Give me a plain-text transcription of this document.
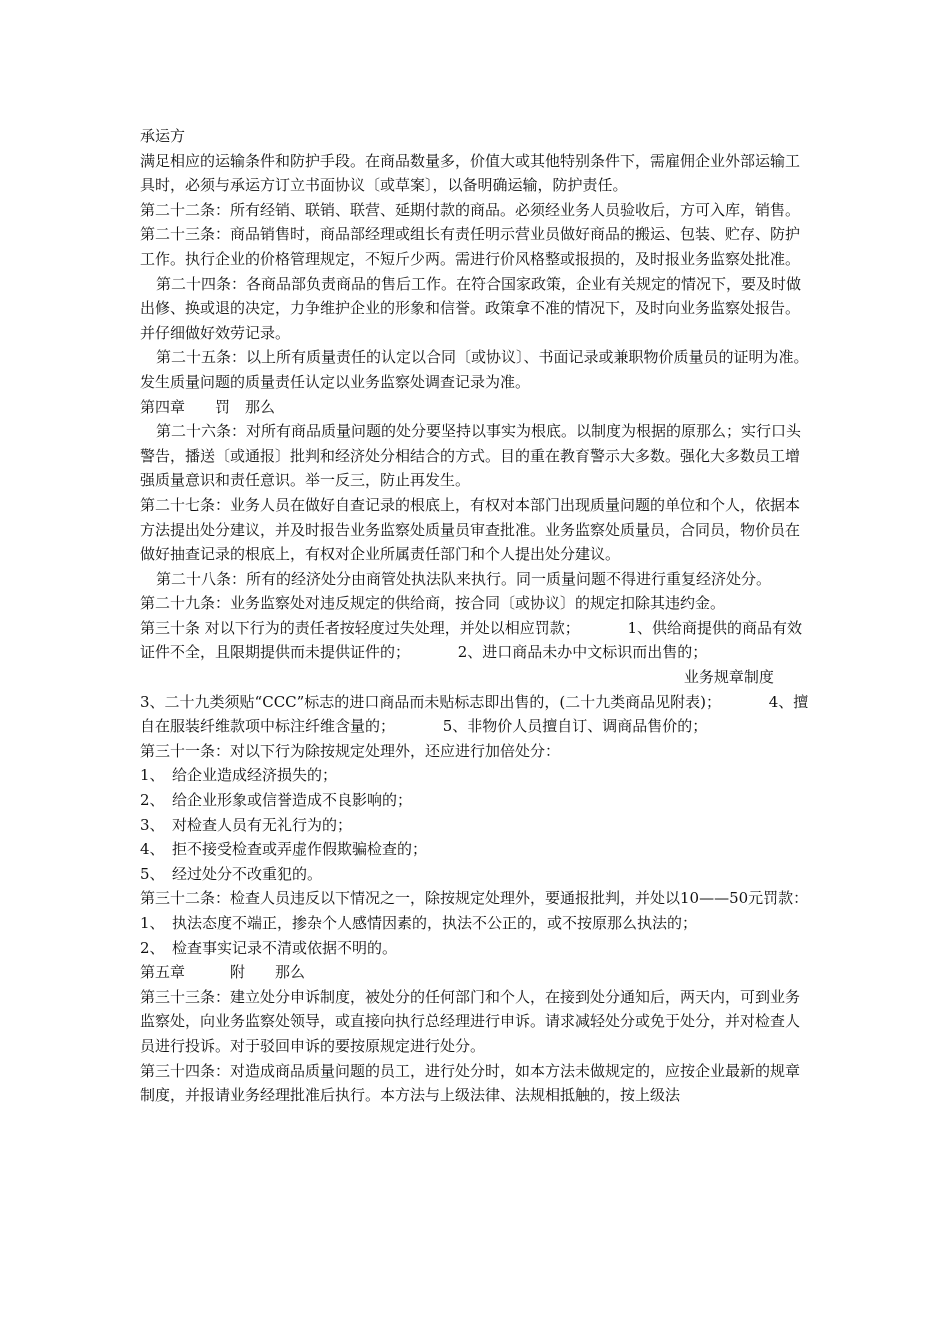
承运方

满足相应的运输条件和防护手段。在商品数量多，价值大或其他特别条件下，需雇佣企业外部运输工具时，必须与承运方订立书面协议〔或草案〕，以备明确运输，防护责任。

第二十二条：所有经销、联销、联营、延期付款的商品。必须经业务人员验收后，方可入库，销售。

第二十三条：商品销售时，商品部经理或组长有责任明示营业员做好商品的搬运、包装、贮存、防护工作。执行企业的价格管理规定，不短斤少两。需进行价风格整或报损的，及时报业务监察处批准。

第二十四条：各商品部负责商品的售后工作。在符合国家政策，企业有关规定的情况下，要及时做出修、换或退的决定，力争维护企业的形象和信誉。政策拿不准的情况下，及时向业务监察处报告。并仔细做好效劳记录。

第二十五条：以上所有质量责任的认定以合同〔或协议〕、书面记录或兼职物价质量员的证明为准。发生质量问题的质量责任认定以业务监察处调查记录为准。

第四章　　罚　那么

第二十六条：对所有商品质量问题的处分要坚持以事实为根底。以制度为根据的原那么；实行口头警告，播送〔或通报〕批判和经济处分相结合的方式。目的重在教育警示大多数。强化大多数员工增强质量意识和责任意识。举一反三，防止再发生。

第二十七条：业务人员在做好自查记录的根底上，有权对本部门出现质量问题的单位和个人，依据本方法提出处分建议，并及时报告业务监察处质量员审查批准。业务监察处质量员，合同员，物价员在做好抽查记录的根底上，有权对企业所属责任部门和个人提出处分建议。

第二十八条：所有的经济处分由商管处执法队来执行。同一质量问题不得进行重复经济处分。

第二十九条：业务监察处对违反规定的供给商，按合同〔或协议〕的规定扣除其违约金。

第三十条 对以下行为的责任者按轻度过失处理，并处以相应罚款；	1、供给商提供的商品有效证件不全，且限期提供而未提供证件的；	2、进口商品未办中文标识而出售的；

业务规章制度

3、二十九类须贴“CCC”标志的进口商品而未贴标志即出售的，(二十九类商品见附表)；	4、擅自在服装纤维款项中标注纤维含量的；	5、非物价人员擅自订、调商品售价的；

第三十一条：对以下行为除按规定处理外，还应进行加倍处分：

1、　给企业造成经济损失的；

2、　给企业形象或信誉造成不良影响的；

3、　对检查人员有无礼行为的；

4、　拒不接受检查或弄虚作假欺骗检查的；

5、　经过处分不改重犯的。

第三十二条：检查人员违反以下情况之一，除按规定处理外，要通报批判，并处以10——50元罚款：

1、　执法态度不端正，掺杂个人感情因素的，执法不公正的，或不按原那么执法的；

2、　检查事实记录不清或依据不明的。

第五章　　　附　　那么

第三十三条：建立处分申诉制度，被处分的任何部门和个人，在接到处分通知后，两天内，可到业务监察处，向业务监察处领导，或直接向执行总经理进行申诉。请求减轻处分或免于处分，并对检查人员进行投诉。对于驳回申诉的要按原规定进行处分。

第三十四条：对造成商品质量问题的员工，进行处分时，如本方法未做规定的，应按企业最新的规章制度，并报请业务经理批准后执行。本方法与上级法律、法规相抵触的，按上级法
